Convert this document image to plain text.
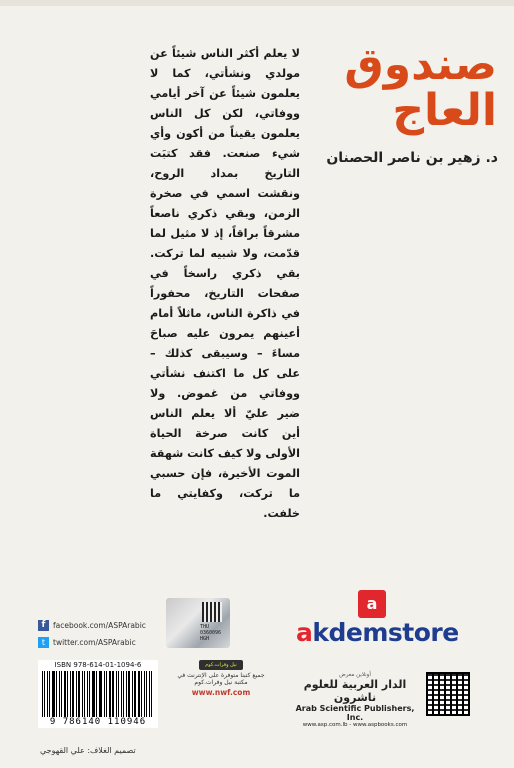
صندوق
العاج
د. زهير بن ناصر الحصنان

لا يعلم أكثر الناس شيئاً عن مولدي ونشأتي، كما لا يعلمون شيئاً عن آخر أيامي ووفاتي، لكن كل الناس يعلمون يقيناً من أكون وأي شيء صنعت. فقد كتبَت التاريخ بمداد الروح، ونقشت اسمي في صخرة الزمن، وبقي ذكري ناصعاً مشرقاً براقاً، إذ لا مثيل لما قدّمت، ولا شبيه لما تركت. بقي ذكري راسخاً في صفحات التاريخ، محفوراً في ذاكرة الناس، ماثلاً أمام أعينهم يمرون عليه صباحَ مساءَ – وسيبقى كذلك – على كل ما اكتنف نشأتي ووفاتي من غموض. ولا ضير عليّ ألا يعلم الناس أين كانت صرخة الحياة الأولى ولا كيف كانت شهقة الموت الأخيرة، فإن حسبي ما تركت، وكفايتي ما خلفت.

THU 0360096 HGH
a
akdemstore
f	facebook.com/ASPArabic
t	twitter.com/ASPArabic
ISBN 978-614-01-1094-6
9 786140 110946
نيل وفرات.كوم
جميع كتبنا متوفرة على الإنترنت في مكتبة نيل وفرات.كوم
www.nwf.com
أونلاين معرض
الدار العربية للعلوم ناشرون
Arab Scientific Publishers, Inc.
www.asp.com.lb - www.aspbooks.com
تصميم الغلاف: علي القهوجي
